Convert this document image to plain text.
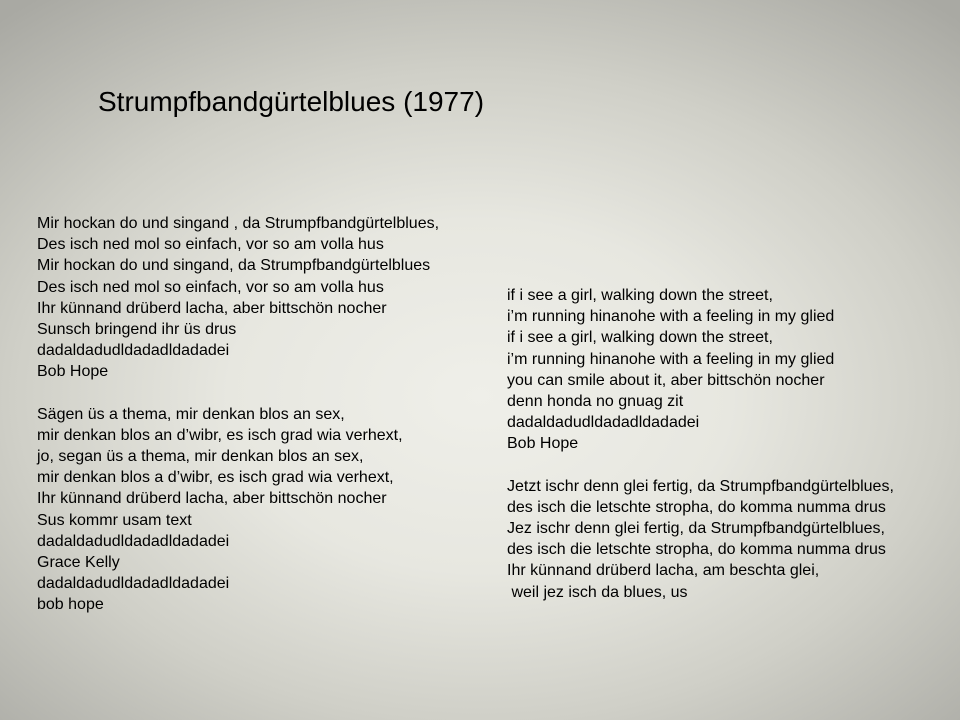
Strumpfbandgürtelblues (1977)
Mir hockan do und singand , da Strumpfbandgürtelblues,
Des isch ned mol so einfach, vor so am volla hus
Mir hockan do und singand, da Strumpfbandgürtelblues
Des isch ned mol so einfach, vor so am volla hus
Ihr künnand drüberd lacha, aber bittschön nocher
Sunsch bringend ihr üs drus
dadaldadudldadadldadadei
Bob Hope
Sägen üs a thema, mir denkan blos an sex,
mir denkan blos an d’wibr, es isch grad wia verhext,
jo, segan üs a thema, mir denkan blos an sex,
mir denkan blos a d’wibr, es isch grad wia verhext,
Ihr künnand drüberd lacha, aber bittschön nocher
Sus kommr usam text
dadaldadudldadadldadadei
Grace Kelly
dadaldadudldadadldadadei
bob hope
if i see a girl, walking down the street,
i’m running hinanohe with a feeling in my glied
if i see a girl, walking down the street,
i’m running hinanohe with a feeling in my glied
you can smile about it, aber bittschön nocher
denn honda no gnuag zit
dadaldadudldadadldadadei
Bob Hope
Jetzt ischr denn glei fertig, da Strumpfbandgürtelblues,
des isch die letschte stropha, do komma numma drus
Jez ischr denn glei fertig, da Strumpfbandgürtelblues,
des isch die letschte stropha, do komma numma drus
Ihr künnand drüberd lacha, am beschta glei,
weil jez isch da blues, us
